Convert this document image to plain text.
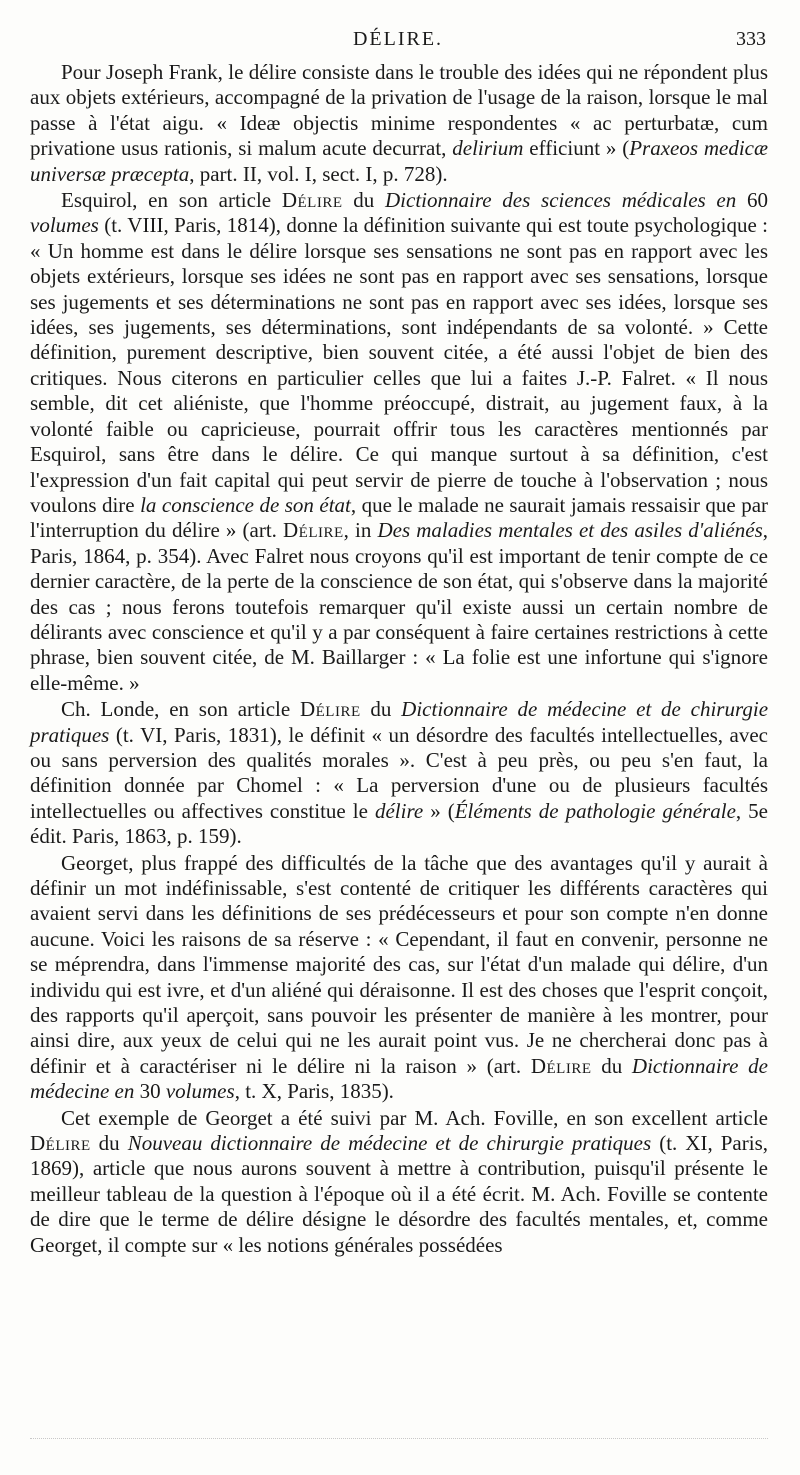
DÉLIRE.	333

Pour Joseph Frank, le délire consiste dans le trouble des idées qui ne répondent plus aux objets extérieurs, accompagné de la privation de l'usage de la raison, lorsque le mal passe à l'état aigu. « Ideæ objectis minime respondentes « ac perturbatæ, cum privatione usus rationis, si malum acute decurrat, delirium efficiunt » (Praxeos medicæ universæ præcepta, part. II, vol. I, sect. I, p. 728).

Esquirol, en son article Délire du Dictionnaire des sciences médicales en 60 volumes (t. VIII, Paris, 1814), donne la définition suivante qui est toute psychologique : « Un homme est dans le délire lorsque ses sensations ne sont pas en rapport avec les objets extérieurs, lorsque ses idées ne sont pas en rapport avec ses sensations, lorsque ses jugements et ses déterminations ne sont pas en rapport avec ses idées, lorsque ses idées, ses jugements, ses déterminations, sont indépendants de sa volonté. » Cette définition, purement descriptive, bien souvent citée, a été aussi l'objet de bien des critiques. Nous citerons en particulier celles que lui a faites J.-P. Falret. « Il nous semble, dit cet aliéniste, que l'homme préoccupé, distrait, au jugement faux, à la volonté faible ou capricieuse, pourrait offrir tous les caractères mentionnés par Esquirol, sans être dans le délire. Ce qui manque surtout à sa définition, c'est l'expression d'un fait capital qui peut servir de pierre de touche à l'observation ; nous voulons dire la conscience de son état, que le malade ne saurait jamais ressaisir que par l'interruption du délire » (art. Délire, in Des maladies mentales et des asiles d'aliénés, Paris, 1864, p. 354). Avec Falret nous croyons qu'il est important de tenir compte de ce dernier caractère, de la perte de la conscience de son état, qui s'observe dans la majorité des cas ; nous ferons toutefois remarquer qu'il existe aussi un certain nombre de délirants avec conscience et qu'il y a par conséquent à faire certaines restrictions à cette phrase, bien souvent citée, de M. Baillarger : « La folie est une infortune qui s'ignore elle-même. »

Ch. Londe, en son article Délire du Dictionnaire de médecine et de chirurgie pratiques (t. VI, Paris, 1831), le définit « un désordre des facultés intellectuelles, avec ou sans perversion des qualités morales ». C'est à peu près, ou peu s'en faut, la définition donnée par Chomel : « La perversion d'une ou de plusieurs facultés intellectuelles ou affectives constitue le délire » (Éléments de pathologie générale, 5e édit. Paris, 1863, p. 159).

Georget, plus frappé des difficultés de la tâche que des avantages qu'il y aurait à définir un mot indéfinissable, s'est contenté de critiquer les différents caractères qui avaient servi dans les définitions de ses prédécesseurs et pour son compte n'en donne aucune. Voici les raisons de sa réserve : « Cependant, il faut en convenir, personne ne se méprendra, dans l'immense majorité des cas, sur l'état d'un malade qui délire, d'un individu qui est ivre, et d'un aliéné qui déraisonne. Il est des choses que l'esprit conçoit, des rapports qu'il aperçoit, sans pouvoir les présenter de manière à les montrer, pour ainsi dire, aux yeux de celui qui ne les aurait point vus. Je ne chercherai donc pas à définir et à caractériser ni le délire ni la raison » (art. Délire du Dictionnaire de médecine en 30 volumes, t. X, Paris, 1835).

Cet exemple de Georget a été suivi par M. Ach. Foville, en son excellent article Délire du Nouveau dictionnaire de médecine et de chirurgie pratiques (t. XI, Paris, 1869), article que nous aurons souvent à mettre à contribution, puisqu'il présente le meilleur tableau de la question à l'époque où il a été écrit. M. Ach. Foville se contente de dire que le terme de délire désigne le désordre des facultés mentales, et, comme Georget, il compte sur « les notions générales possédées
